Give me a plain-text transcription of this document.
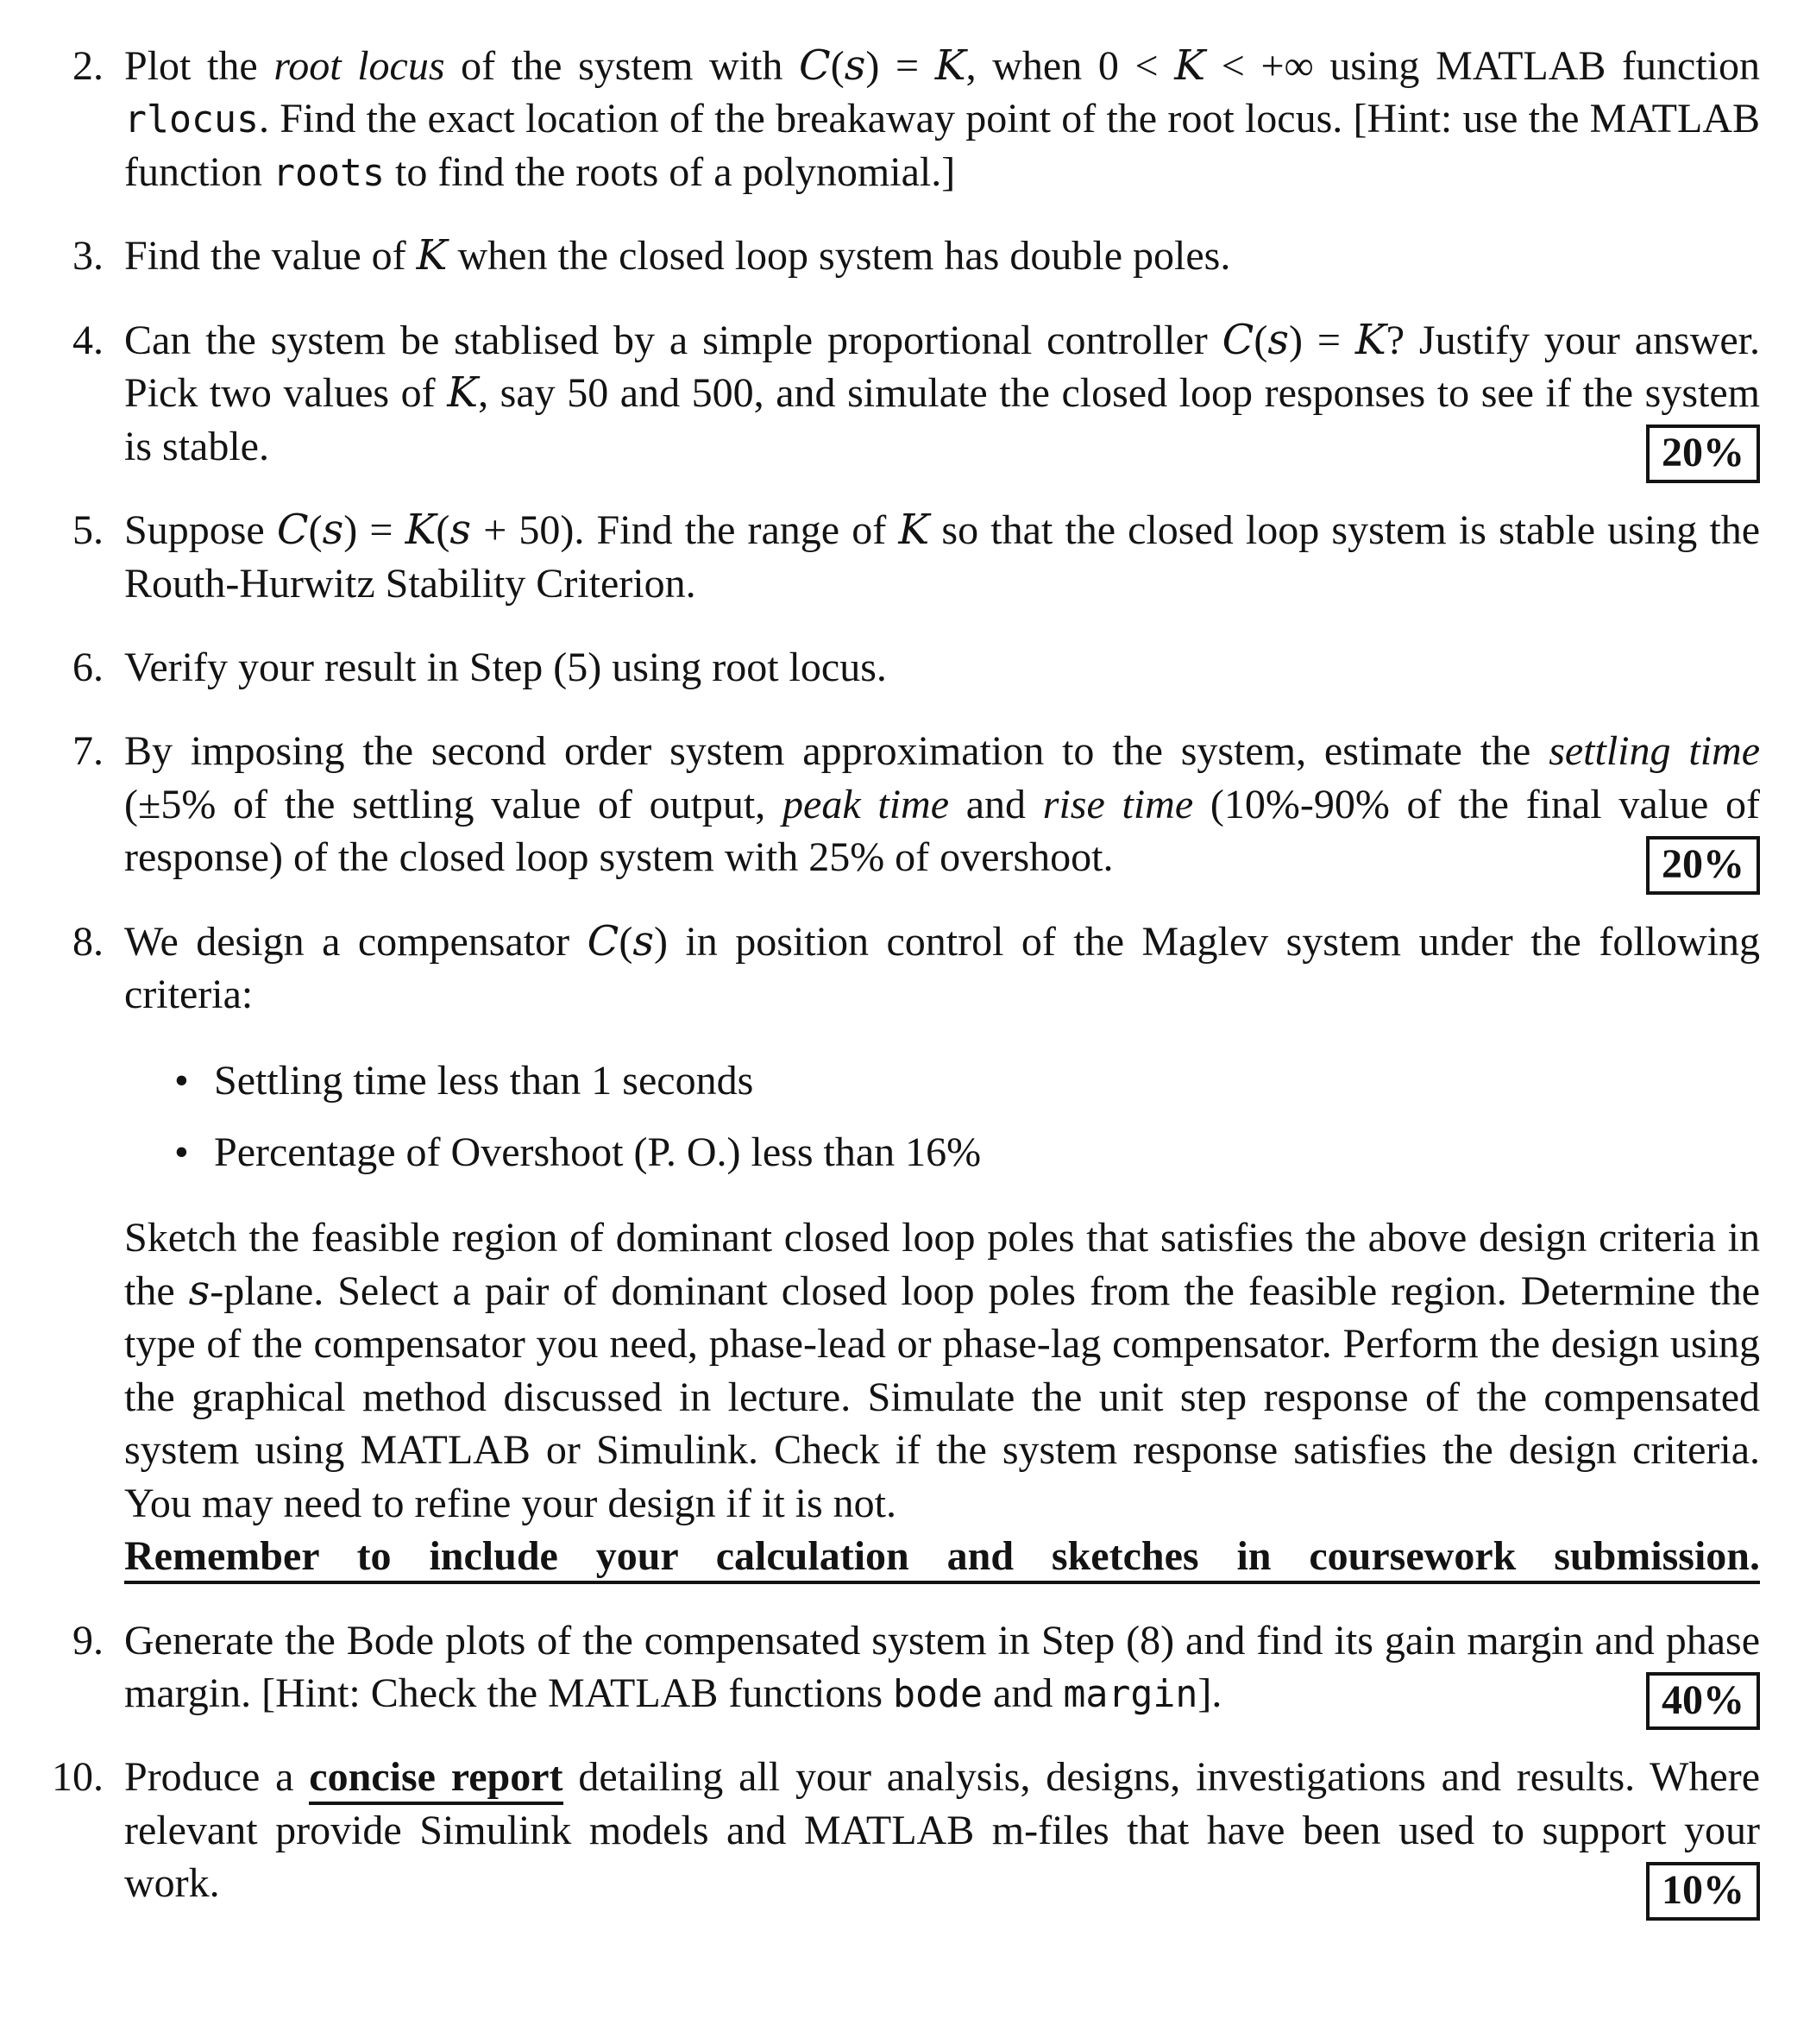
2. Plot the root locus of the system with C(s) = K, when 0 < K < +∞ using MATLAB function rlocus. Find the exact location of the breakaway point of the root locus. [Hint: use the MATLAB function roots to find the roots of a polynomial.]

3. Find the value of K when the closed loop system has double poles.

4. Can the system be stablised by a simple proportional controller C(s) = K? Justify your answer. Pick two values of K, say 50 and 500, and simulate the closed loop responses to see if the system is stable.	20%

5. Suppose C(s) = K(s + 50). Find the range of K so that the closed loop system is stable using the Routh-Hurwitz Stability Criterion.

6. Verify your result in Step (5) using root locus.

7. By imposing the second order system approximation to the system, estimate the settling time (±5% of the settling value of output, peak time and rise time (10%-90% of the final value of response) of the closed loop system with 25% of overshoot.	20%

8. We design a compensator C(s) in position control of the Maglev system under the following criteria:

• Settling time less than 1 seconds
• Percentage of Overshoot (P. O.) less than 16%

Sketch the feasible region of dominant closed loop poles that satisfies the above design criteria in the s-plane. Select a pair of dominant closed loop poles from the feasible region. Determine the type of the compensator you need, phase-lead or phase-lag compensator. Perform the design using the graphical method discussed in lecture. Simulate the unit step response of the compensated system using MATLAB or Simulink. Check if the system response satisfies the design criteria. You may need to refine your design if it is not.

Remember to include your calculation and sketches in coursework submission.

9. Generate the Bode plots of the compensated system in Step (8) and find its gain margin and phase margin. [Hint: Check the MATLAB functions bode and margin].	40%

10. Produce a concise report detailing all your analysis, designs, investigations and results. Where relevant provide Simulink models and MATLAB m-files that have been used to support your work.	10%
